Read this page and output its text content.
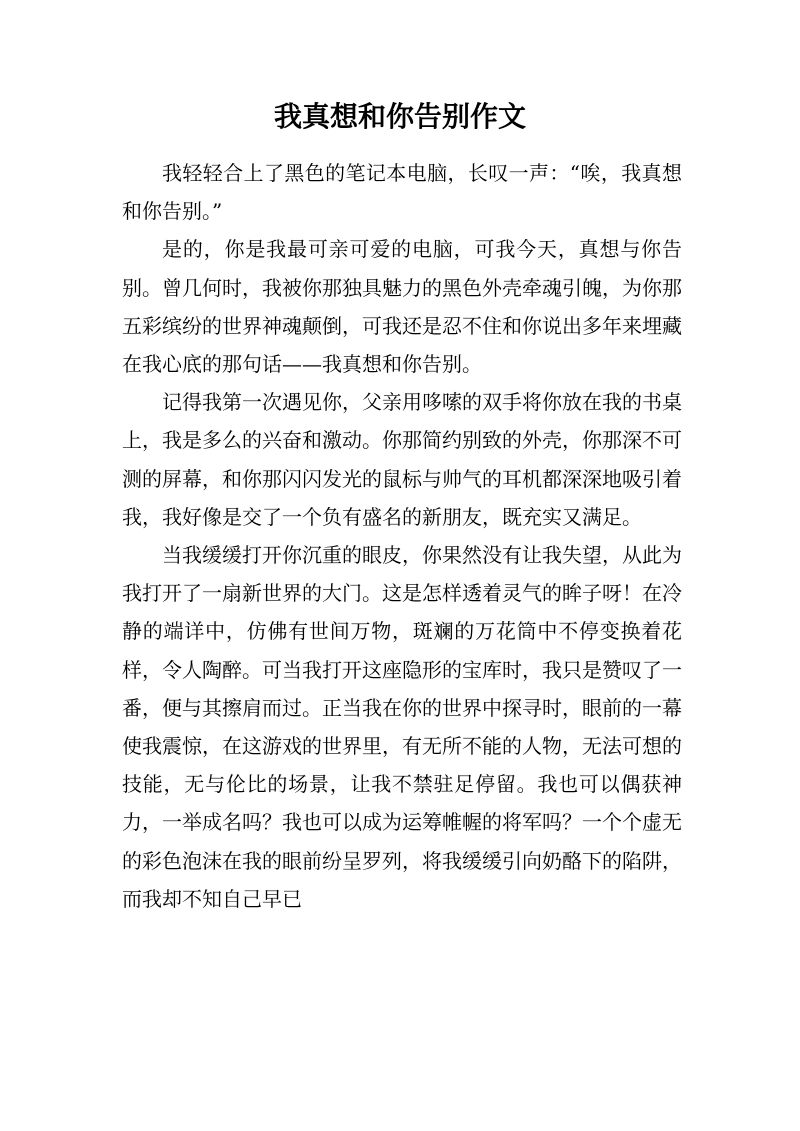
我真想和你告别作文

我轻轻合上了黑色的笔记本电脑，长叹一声：“唉，我真想和你告别。”

是的，你是我最可亲可爱的电脑，可我今天，真想与你告别。曾几何时，我被你那独具魅力的黑色外壳牵魂引魄，为你那五彩缤纷的世界神魂颠倒，可我还是忍不住和你说出多年来埋藏在我心底的那句话——我真想和你告别。

记得我第一次遇见你，父亲用哆嗦的双手将你放在我的书桌上，我是多么的兴奋和激动。你那简约别致的外壳，你那深不可测的屏幕，和你那闪闪发光的鼠标与帅气的耳机都深深地吸引着我，我好像是交了一个负有盛名的新朋友，既充实又满足。

当我缓缓打开你沉重的眼皮，你果然没有让我失望，从此为我打开了一扇新世界的大门。这是怎样透着灵气的眸子呀！在冷静的端详中，仿佛有世间万物，斑斓的万花筒中不停变换着花样，令人陶醉。可当我打开这座隐形的宝库时，我只是赞叹了一番，便与其擦肩而过。正当我在你的世界中探寻时，眼前的一幕使我震惊，在这游戏的世界里，有无所不能的人物，无法可想的技能，无与伦比的场景，让我不禁驻足停留。我也可以偶获神力，一举成名吗？我也可以成为运筹帷幄的将军吗？一个个虚无的彩色泡沫在我的眼前纷呈罗列，将我缓缓引向奶酪下的陷阱，而我却不知自己早已
